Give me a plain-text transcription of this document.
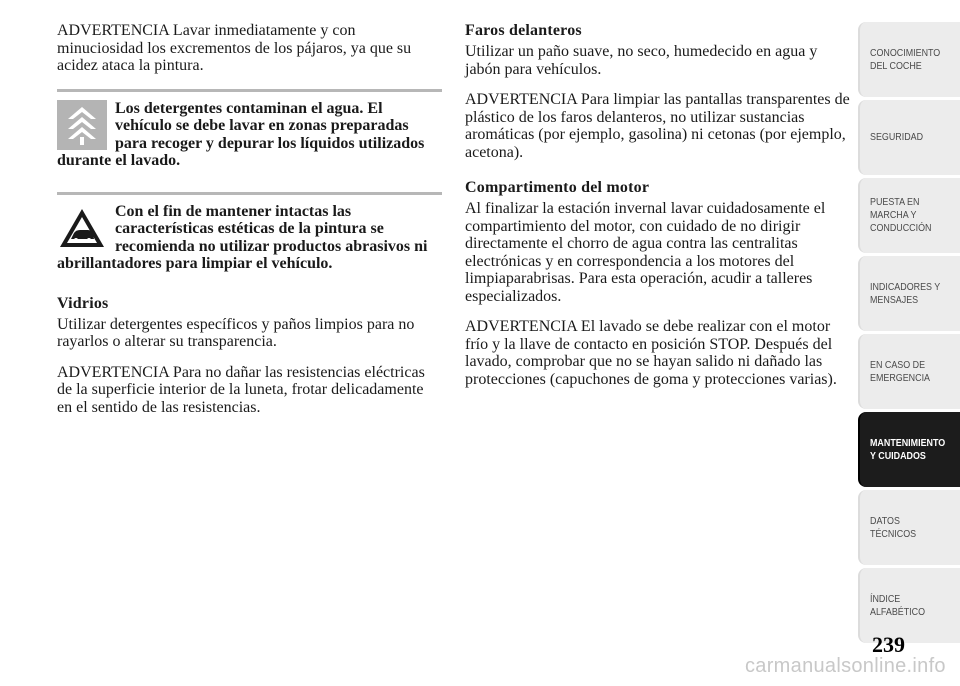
ADVERTENCIA Lavar inmediatamente y con minuciosidad los excrementos de los pájaros, ya que su acidez ataca la pintura.

Los detergentes contaminan el agua. El vehículo se debe lavar en zonas preparadas para recoger y depurar los líquidos utilizados durante el lavado.
Con el fin de mantener intactas las características estéticas de la pintura se recomienda no utilizar productos abrasivos ni abrillantadores para limpiar el vehículo.
Vidrios

Utilizar detergentes específicos y paños limpios para no rayarlos o alterar su transparencia.

ADVERTENCIA Para no dañar las resistencias eléctricas de la superficie interior de la luneta, frotar delicadamente en el sentido de las resistencias.

Faros delanteros

Utilizar un paño suave, no seco, humedecido en agua y jabón para vehículos.

ADVERTENCIA Para limpiar las pantallas transparentes de plástico de los faros delanteros, no utilizar sustancias aromáticas (por ejemplo, gasolina) ni cetonas (por ejemplo, acetona).

Compartimento del motor

Al finalizar la estación invernal lavar cuidadosamente el compartimiento del motor, con cuidado de no dirigir directamente el chorro de agua contra las centralitas electrónicas y en correspondencia a los motores del limpiaparabrisas. Para esta operación, acudir a talleres especializados.

ADVERTENCIA El lavado se debe realizar con el motor frío y la llave de contacto en posición STOP. Después del lavado, comprobar que no se hayan salido ni dañado las protecciones (capuchones de goma y protecciones varias).

CONOCIMIENTO
DEL COCHE
SEGURIDAD
PUESTA EN
MARCHA Y
CONDUCCIÓN
INDICADORES Y
MENSAJES
EN CASO DE
EMERGENCIA
MANTENIMIENTO
Y CUIDADOS
DATOS TÉCNICOS
ÍNDICE
ALFABÉTICO
239
carmanualsonline.info
